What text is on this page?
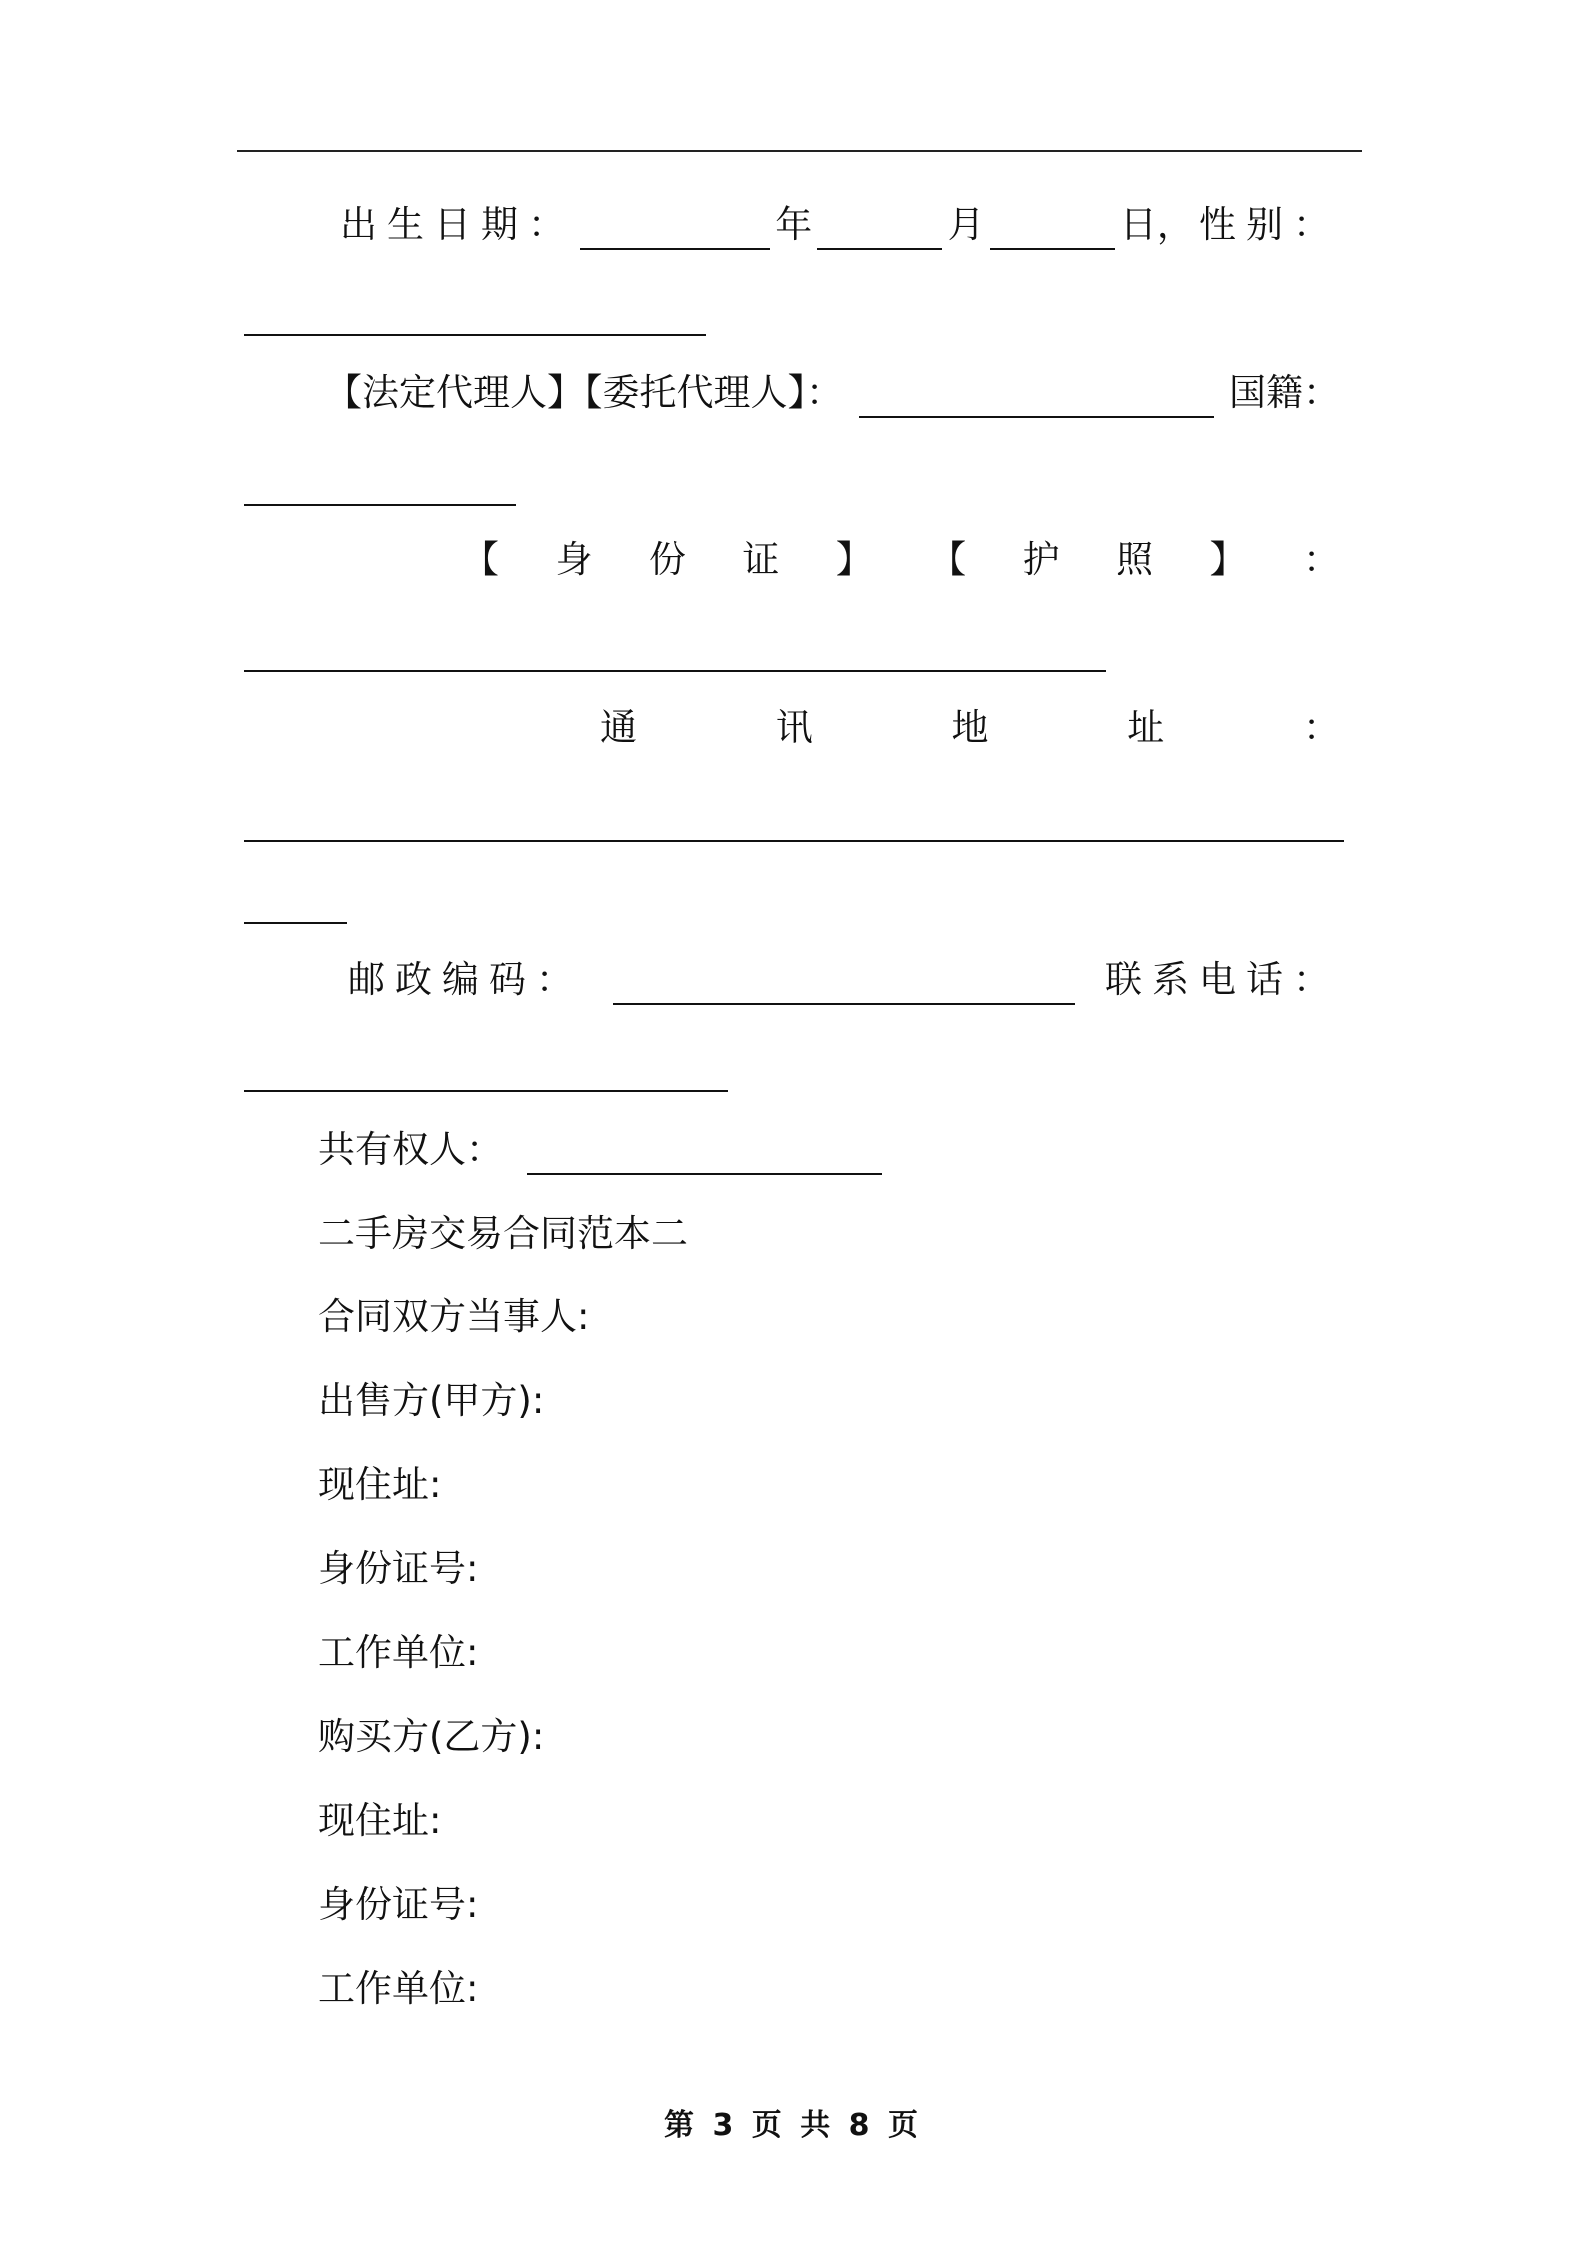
出生日期：	年	月	日， 性别：
【法定代理人】【委托代理人】：	国籍：
【 身 份 证 】 【 护 照 】 ：
通	讯	地	址	：
邮政编码：	联系电话：
共有权人：
二手房交易合同范本二
合同双方当事人:
出售方(甲方):
现住址:
身份证号:
工作单位:
购买方(乙方):
现住址:
身份证号:
工作单位:
第 3 页 共 8 页
